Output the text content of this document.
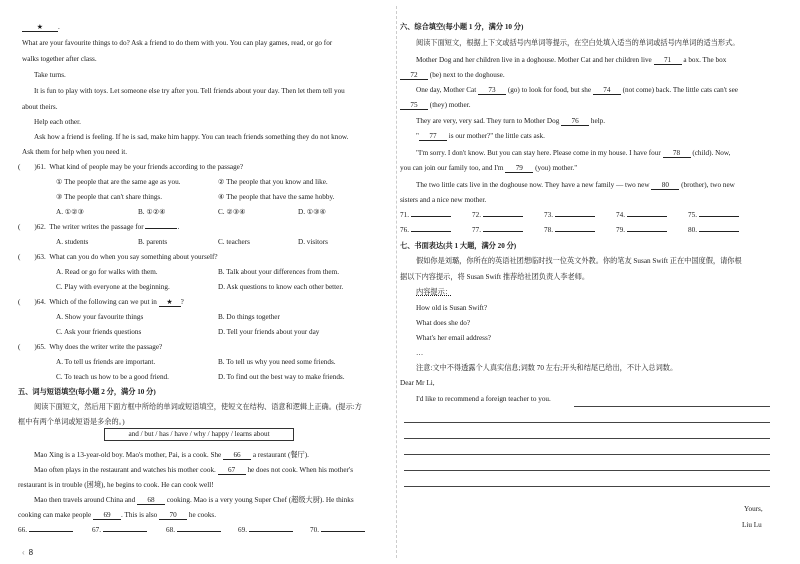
★ .
What are your favourite things to do? Ask a friend to do them with you. You can play games, read, or go for
walks together after class.
Take turns.
It is fun to play with toys. Let someone else try after you. Tell friends about your day. Then let them tell you
about theirs.
Help each other.
Ask how a friend is feeling. If he is sad, make him happy. You can teach friends something they do not know.
Ask them for help when you need it.
( )61. What kind of people may be your friends according to the passage?
① The people that are the same age as you.	② The people that you know and like.
③ The people that can't share things.	④ The people that have the same hobby.
A. ①②③	B. ①②④	C. ②③④	D. ①③④
( )62. The writer writes the passage for	.
A. students	B. parents	C. teachers	D. visitors
( )63. What can you do when you say something about yourself?
A. Read or go for walks with them.	B. Talk about your differences from them.
C. Play with everyone at the beginning.	D. Ask questions to know each other better.
( )64. Which of the following can we put in ★ ?
A. Show your favourite things	B. Do things together
C. Ask your friends questions	D. Tell your friends about your day
( )65. Why does the writer write the passage?
A. To tell us friends are important.	B. To tell us why you need some friends.
C. To teach us how to be a good friend.	D. To find out the best way to make friends.
五、词与短语填空(每小题 2 分，满分 10 分)
阅读下面短文，然后用下面方框中所给的单词或短语填空，使短文在结构、语意和逻辑上正确。(提示:方
框中有两个单词或短语是多余的。)
and / but / has / have / why / happy / learns about
Mao Xing is a 13-year-old boy. Mao's mother, Pai, is a cook. She 66 a restaurant (餐厅).
Mao often plays in the restaurant and watches his mother cook. 67 he does not cook. When his mother's
restaurant is in trouble (困境), he begins to cook. He can cook well!
Mao then travels around China and 68 cooking. Mao is a very young Super Chef (超级大厨). He thinks
cooking can make people 69 . This is also 70 he cooks.
66.	67.	68.	69.	70.
‹ 8
六、综合填空(每小题 1 分，满分 10 分)
阅读下面短文，根据上下文或括号内单词等提示，在空白处填入适当的单词或括号内单词的适当形式。
Mother Dog and her children live in a doghouse. Mother Cat and her children live 71 a box. The box
72 (be) next to the doghouse.
One day, Mother Cat 73 (go) to look for food, but she 74 (not come) back. The little cats can't see
75 (they) mother.
They are very, very sad. They turn to Mother Dog 76 help.
" 77 is our mother?" the little cats ask.
"I'm sorry. I don't know. But you can stay here. Please come in my house. I have four 78 (child). Now,
you can join our family too, and I'm 79 (you) mother."
The two little cats live in the doghouse now. They have a new family — two new 80 (brother), two new
sisters and a nice new mother.
71.	72.	73.	74.	75.
76.	77.	78.	79.	80.
七、书面表达(共 1 大题，满分 20 分)
假如你是刘璐，你所在的英语社团想临时找一位英文外教。你的笔友 Susan Swift 正在中国度假，请你根
据以下内容提示，将 Susan Swift 推荐给社团负责人李老师。
内容提示：
How old is Susan Swift?
What does she do?
What's her email address?
…
注意:文中不得透露个人真实信息;词数 70 左右;开头和结尾已给出，不计入总词数。
Dear Mr Li,
I'd like to recommend a foreign teacher to you.
Yours,
Liu Lu
